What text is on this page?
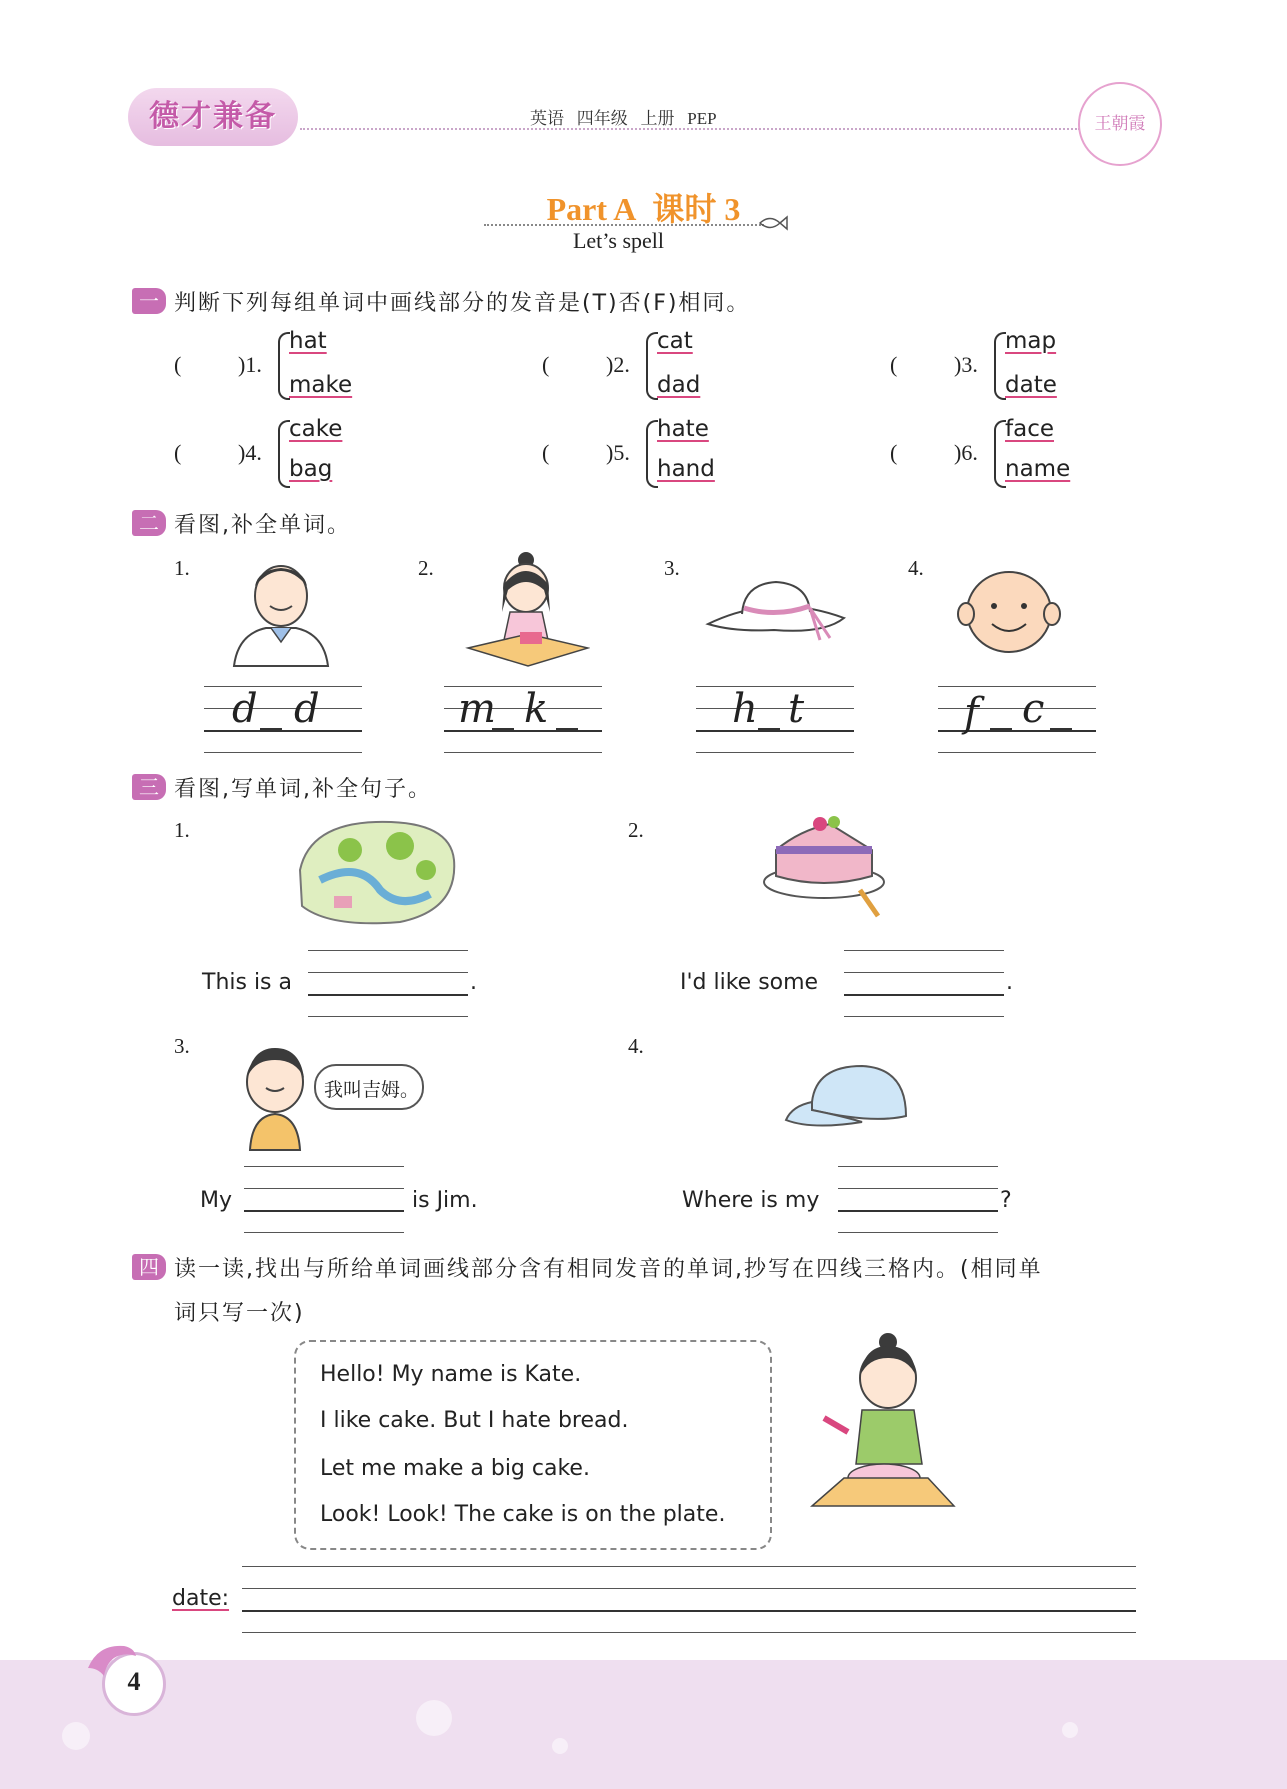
德才兼备	英语 四年级 上册 PEP	王朝霞
Part A 课时 3
Let’s spell
一 判断下列每组单词中画线部分的发音是(T)否(F)相同。
(	)1.
hat
make
(	)2.
cat
dad
(	)3.
map
date
(	)4.
cake
bag
(	)5.
hate
hand
(	)6.
face
name
二 看图,补全单词。
1.	2.	3.	4.
d d	m k	h t	f c
三 看图,写单词,补全句子。
1.	2.
This is a	.	I'd like some	.
3.	4.
我叫吉姆。
My	is Jim.	Where is my	?
四 读一读,找出与所给单词画线部分含有相同发音的单词,抄写在四线三格内。(相同单
词只写一次)
Hello! My name is Kate.
I like cake. But I hate bread.
Let me make a big cake.
Look! Look! The cake is on the plate.
date:
4
